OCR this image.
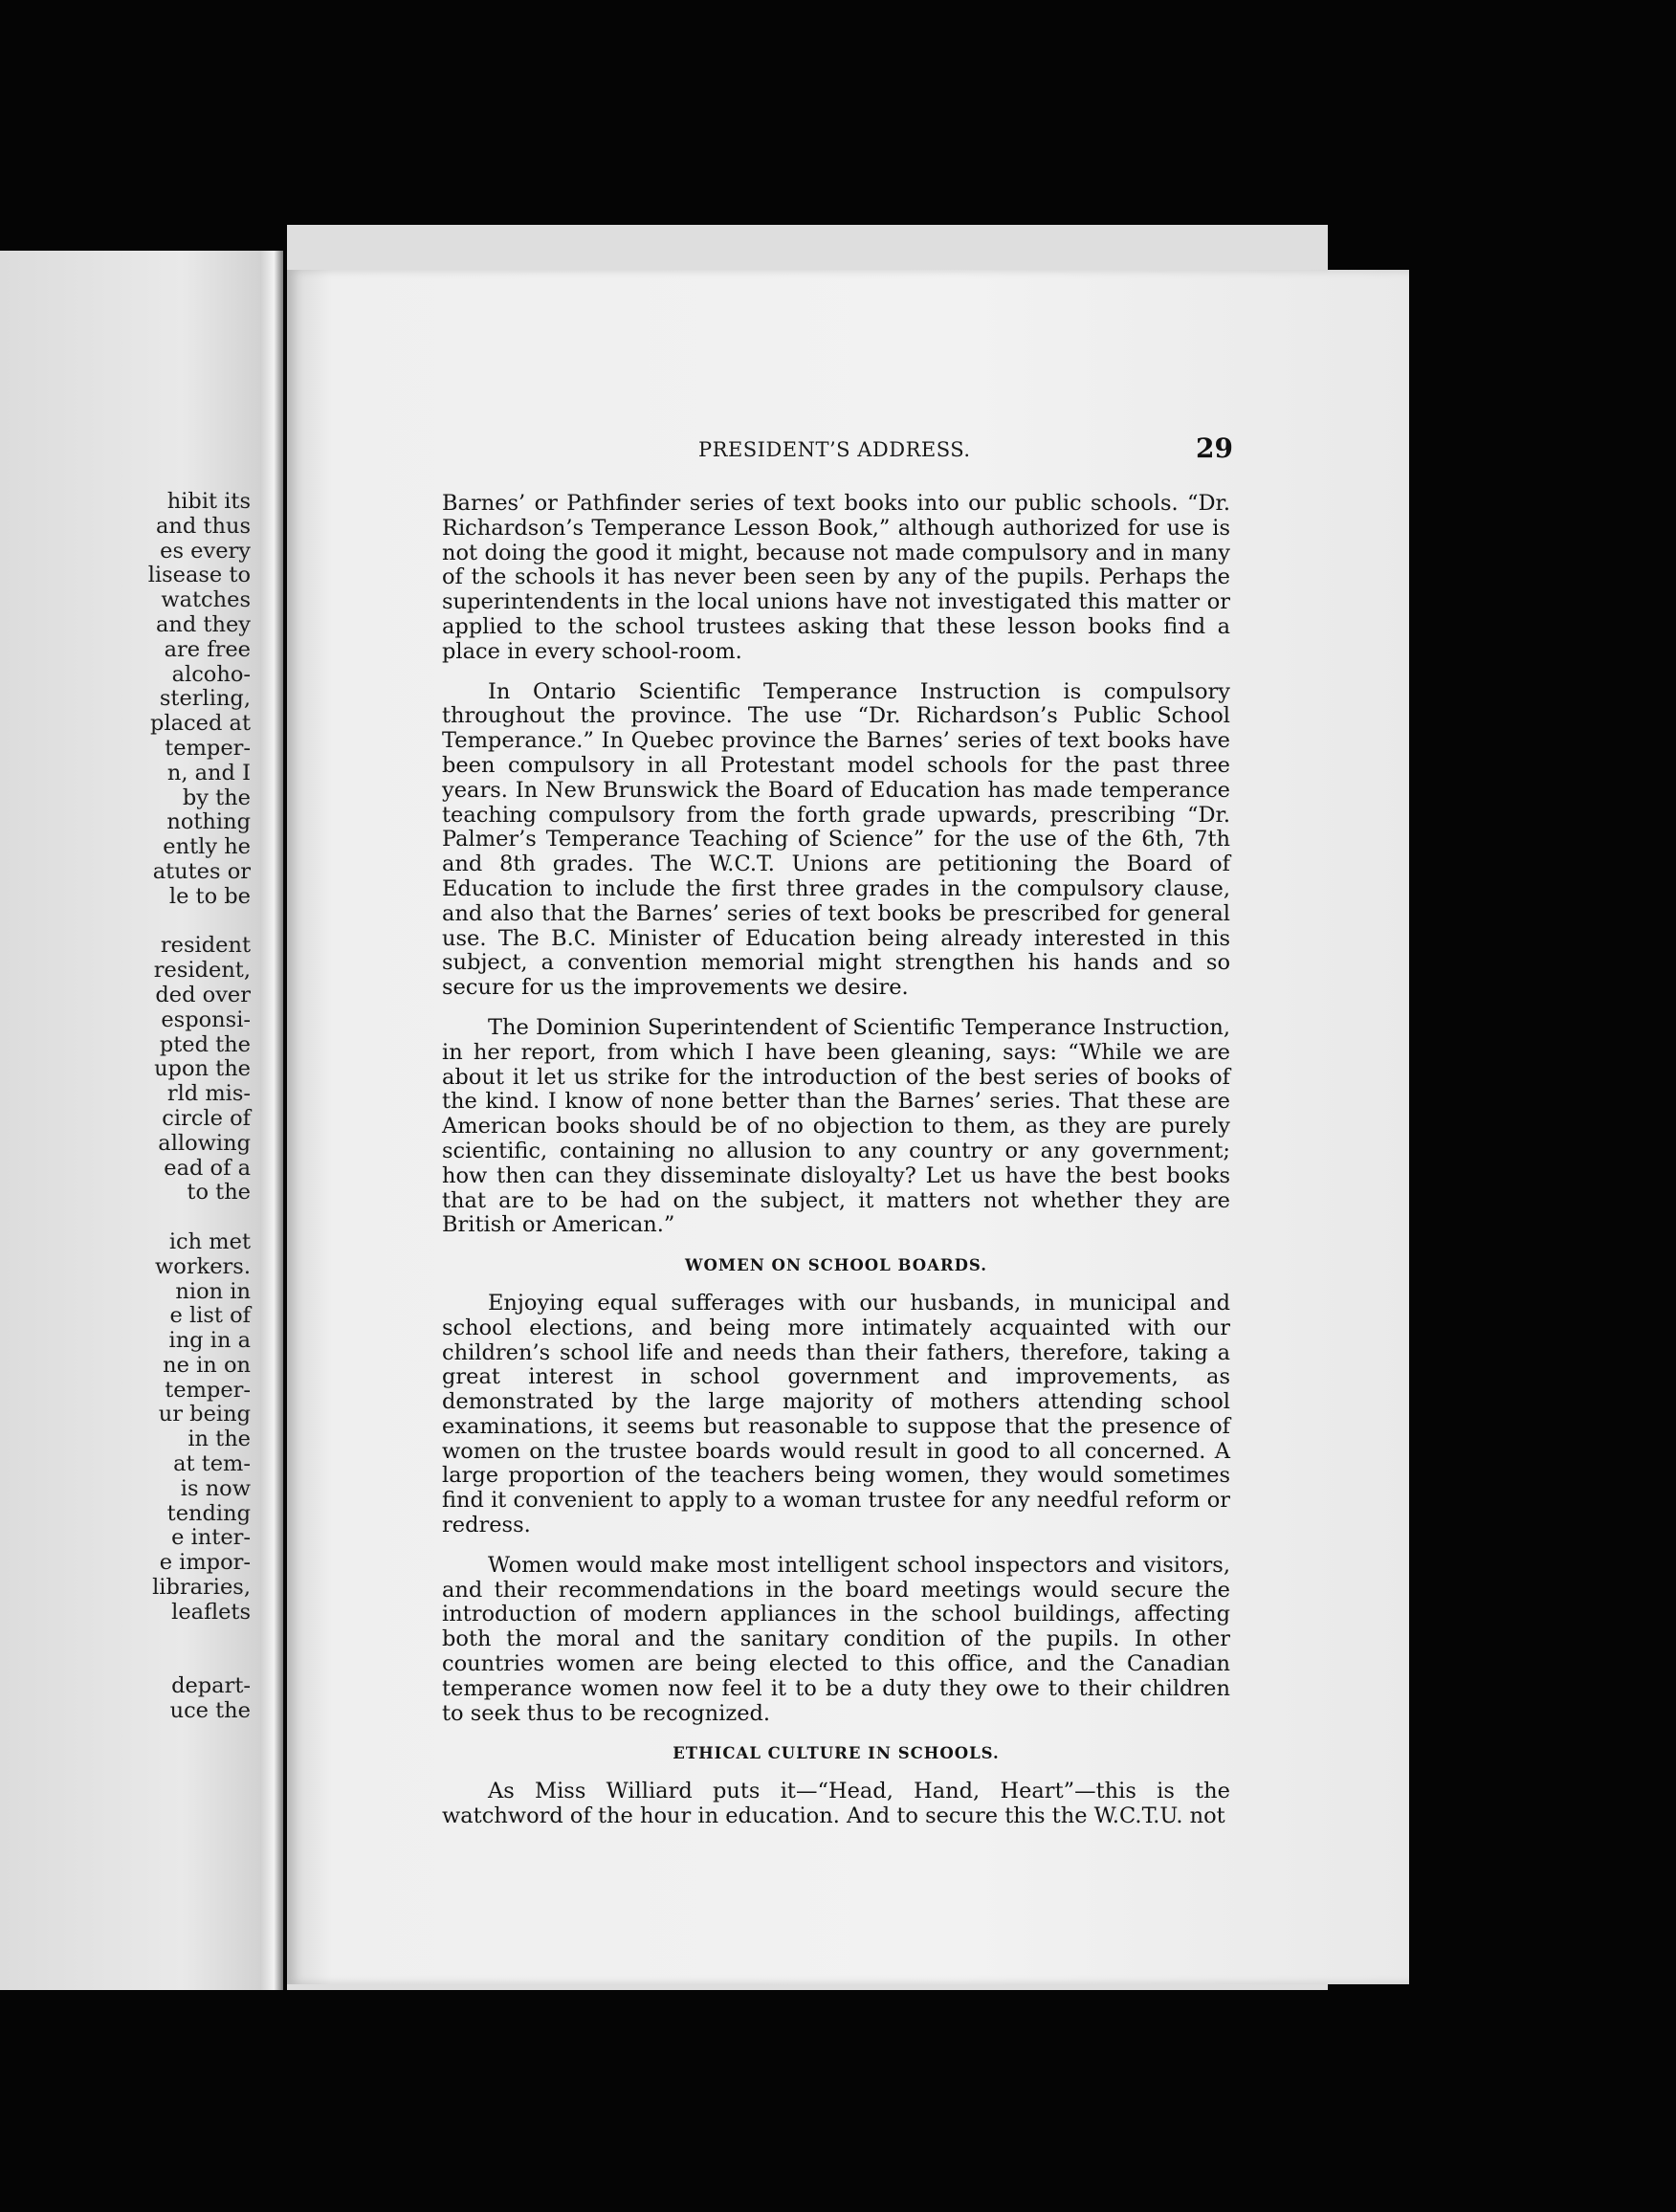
hibit its
and thus
es every
lisease to
watches
and they
are free
alcoho-
sterling,
placed at
temper-
n, and I
by the
nothing
ently he
atutes or
le to be

resident
resident,
ded over
esponsi-
pted the
upon the
rld mis-
circle of
allowing
ead of a
to the

ich met
workers.
nion in
e list of
ing in a
ne in on
temper-
ur being
in the
at tem-
is now
tending
e inter-
e impor-
libraries,
leaflets

depart-
uce the
PRESIDENT’S ADDRESS.	29

Barnes’ or Pathfinder series of text books into our public schools. “Dr. Richardson’s Temperance Lesson Book,” although authorized for use is not doing the good it might, because not made compulsory and in many of the schools it has never been seen by any of the pupils. Perhaps the superintendents in the local unions have not investigated this matter or applied to the school trustees asking that these lesson books find a place in every school-room.

In Ontario Scientific Temperance Instruction is compulsory throughout the province. The use “Dr. Richardson’s Public School Temperance.” In Quebec province the Barnes’ series of text books have been compulsory in all Protestant model schools for the past three years. In New Brunswick the Board of Education has made temperance teaching compulsory from the forth grade upwards, prescribing “Dr. Palmer’s Temperance Teaching of Science” for the use of the 6th, 7th and 8th grades. The W.C.T. Unions are petitioning the Board of Education to include the first three grades in the compulsory clause, and also that the Barnes’ series of text books be prescribed for general use. The B.C. Minister of Education being already interested in this subject, a convention memorial might strengthen his hands and so secure for us the improvements we desire.

The Dominion Superintendent of Scientific Temperance Instruction, in her report, from which I have been gleaning, says: “While we are about it let us strike for the introduction of the best series of books of the kind. I know of none better than the Barnes’ series. That these are American books should be of no objection to them, as they are purely scientific, containing no allusion to any country or any government; how then can they disseminate disloyalty? Let us have the best books that are to be had on the subject, it matters not whether they are British or American.”

WOMEN ON SCHOOL BOARDS.

Enjoying equal sufferages with our husbands, in municipal and school elections, and being more intimately acquainted with our children’s school life and needs than their fathers, therefore, taking a great interest in school government and improvements, as demonstrated by the large majority of mothers attending school examinations, it seems but reasonable to suppose that the presence of women on the trustee boards would result in good to all concerned. A large proportion of the teachers being women, they would sometimes find it convenient to apply to a woman trustee for any needful reform or redress.

Women would make most intelligent school inspectors and visitors, and their recommendations in the board meetings would secure the introduction of modern appliances in the school buildings, affecting both the moral and the sanitary condition of the pupils. In other countries women are being elected to this office, and the Canadian temperance women now feel it to be a duty they owe to their children to seek thus to be recognized.

ETHICAL CULTURE IN SCHOOLS.

As Miss Williard puts it—“Head, Hand, Heart”—this is the watchword of the hour in education. And to secure this the W.C.T.U. not
